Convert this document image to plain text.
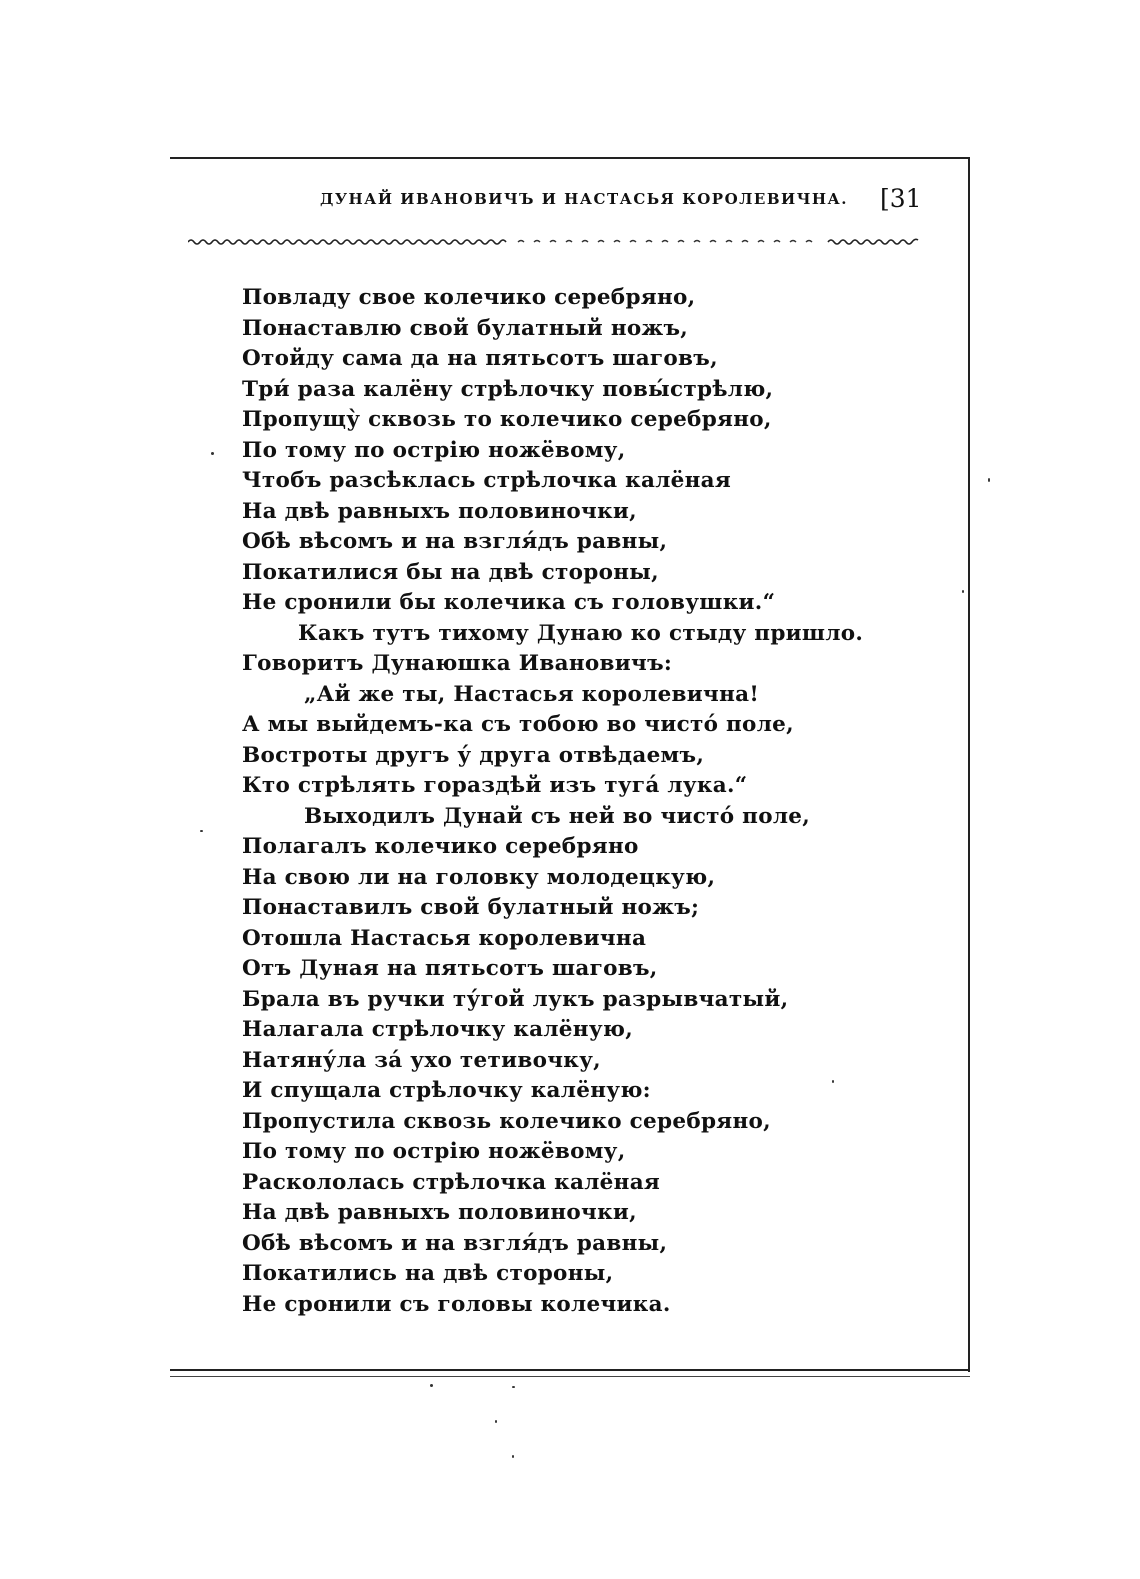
ДУНАЙ ИВАНОВИЧЪ И НАСТАСЬЯ КОРОЛЕВИЧНА. [31
Повладу свое колечико серебряно,
Понаставлю свой булатный ножъ,
Отойду сама да на пятьсотъ шаговъ,
Три́ раза калёну стрѣлочку повы́стрѣлю,
Пропущу̀ сквозь то колечико серебряно,
По тому по острію ножёвому,
Чтобъ разсѣклась стрѣлочка калёная
На двѣ равныхъ половиночки,
Обѣ вѣсомъ и на взгля́дъ равны,
Покатилися бы на двѣ стороны,
Не сронили бы колечика съ головушки.“
Какъ тутъ тихому Дунаю ко стыду пришло.
Говоритъ Дунаюшка Ивановичъ:
„Ай же ты, Настасья королевична!
А мы выйдемъ-ка съ тобою во чисто́ поле,
Востроты другъ у́ друга отвѣдаемъ,
Кто стрѣлять гораздѣй изъ туга́ лука.“
Выходилъ Дунай съ ней во чисто́ поле,
Полагалъ колечико серебряно
На свою ли на головку молодецкую,
Понаставилъ свой булатный ножъ;
Отошла Настасья королевична
Отъ Дуная на пятьсотъ шаговъ,
Брала въ ручки ту́гой лукъ разрывчатый,
Налагала стрѣлочку калёную,
Натяну́ла за́ ухо тетивочку,
И спущала стрѣлочку калёную:
Пропустила сквозь колечико серебряно,
По тому по острію ножёвому,
Раскололась стрѣлочка калёная
На двѣ равныхъ половиночки,
Обѣ вѣсомъ и на взгля́дъ равны,
Покатились на двѣ стороны,
Не сронили съ головы колечика.
